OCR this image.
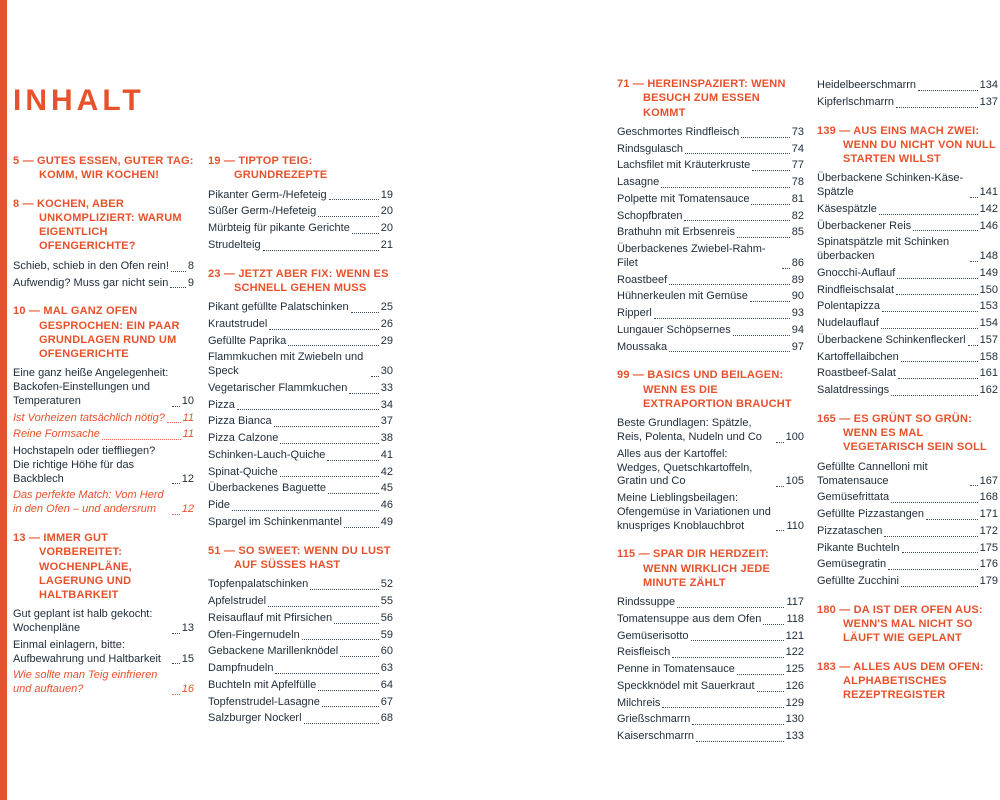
INHALT
5 — GUTES ESSEN, GUTER TAG: KOMM, WIR KOCHEN!
8 — KOCHEN, ABER UNKOMPLIZIERT: WARUM EIGENTLICH OFENGERICHTE?
Schieb, schieb in den Ofen rein! 8
Aufwendig? Muss gar nicht sein 9
10 — MAL GANZ OFEN GESPROCHEN: EIN PAAR GRUNDLAGEN RUND UM OFENGERICHTE
Eine ganz heiße Angelegenheit: Backofen-Einstellungen und Temperaturen	10
Ist Vorheizen tatsächlich nötig? 11
Reine Formsache	11
Hochstapeln oder tieffliegen? Die richtige Höhe für das Backblech	12
Das perfekte Match: Vom Herd in den Ofen – und andersrum	12
13 — IMMER GUT VORBEREITET: WOCHENPLÄNE, LAGERUNG UND HALTBARKEIT
Gut geplant ist halb gekocht: Wochenpläne	13
Einmal einlagern, bitte: Aufbewahrung und Haltbarkeit	15
Wie sollte man Teig einfrieren und auftauen?	16
19 — TIPTOP TEIG: GRUNDREZEPTE
Pikanter Germ-/Hefeteig	19
Süßer Germ-/Hefeteig	20
Mürbteig für pikante Gerichte	20
Strudelteig	21
23 — JETZT ABER FIX: WENN ES SCHNELL GEHEN MUSS
Pikant gefüllte Palatschinken	25
Krautstrudel	26
Gefüllte Paprika	29
Flammkuchen mit Zwiebeln und Speck	30
Vegetarischer Flammkuchen	33
Pizza	34
Pizza Bianca	37
Pizza Calzone	38
Schinken-Lauch-Quiche	41
Spinat-Quiche	42
Überbackenes Baguette	45
Pide	46
Spargel im Schinkenmantel	49
51 — SO SWEET: WENN DU LUST AUF SÜSSES HAST
Topfenpalatschinken	52
Apfelstrudel	55
Reisauflauf mit Pfirsichen	56
Ofen-Fingernudeln	59
Gebackene Marillenknödel	60
Dampfnudeln	63
Buchteln mit Apfelfülle	64
Topfenstrudel-Lasagne	67
Salzburger Nockerl	68
71 — HEREINSPAZIERT: WENN BESUCH ZUM ESSEN KOMMT
Geschmortes Rindfleisch	73
Rindsgulasch	74
Lachsfilet mit Kräuterkruste	77
Lasagne	78
Polpette mit Tomatensauce	81
Schopfbraten	82
Brathuhn mit Erbsenreis	85
Überbackenes Zwiebel-Rahm-Filet	86
Roastbeef	89
Hühnerkeulen mit Gemüse	90
Ripperl	93
Lungauer Schöpsernes	94
Moussaka	97
99 — BASICS UND BEILAGEN: WENN ES DIE EXTRAPORTION BRAUCHT
Beste Grundlagen: Spätzle, Reis, Polenta, Nudeln und Co	100
Alles aus der Kartoffel: Wedges, Quetschkartoffeln, Gratin und Co	105
Meine Lieblingsbeilagen: Ofengemüse in Variationen und knuspriges Knoblauchbrot	110
115 — SPAR DIR HERDZEIT: WENN WIRKLICH JEDE MINUTE ZÄHLT
Rindssuppe	117
Tomatensuppe aus dem Ofen 118
Gemüserisotto	121
Reisfleisch	122
Penne in Tomatensauce	125
Speckknödel mit Sauerkraut	126
Milchreis	129
Grießschmarrn	130
Kaiserschmarrn	133
Heidelbeerschmarrn	134
Kipferlschmarrn	137
139 — AUS EINS MACH ZWEI: WENN DU NICHT VON NULL STARTEN WILLST
Überbackene Schinken-Käse-Spätzle	141
Käsespätzle	142
Überbackener Reis	146
Spinatspätzle mit Schinken überbacken	148
Gnocchi-Auflauf	149
Rindfleischsalat	150
Polentapizza	153
Nudelauflauf	154
Überbackene Schinkenfleckerl 157
Kartoffellaibchen	158
Roastbeef-Salat	161
Salatdressings	162
165 — ES GRÜNT SO GRÜN: WENN ES MAL VEGETARISCH SEIN SOLL
Gefüllte Cannelloni mit Tomatensauce	167
Gemüsefrittata	168
Gefüllte Pizzastangen	171
Pizzataschen	172
Pikante Buchteln	175
Gemüsegratin	176
Gefüllte Zucchini	179
180 — DA IST DER OFEN AUS: WENN'S MAL NICHT SO LÄUFT WIE GEPLANT
183 — ALLES AUS DEM OFEN: ALPHABETISCHES REZEPTREGISTER
